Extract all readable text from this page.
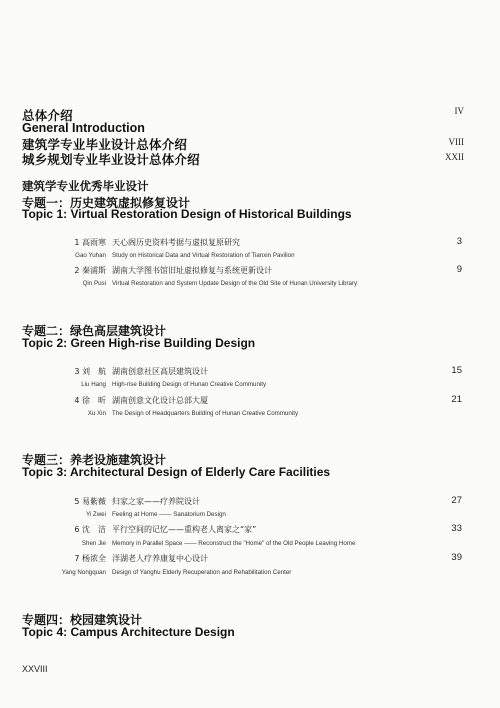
总体介绍	IV
General Introduction
建筑学专业毕业设计总体介绍	VIII
城乡规划专业毕业设计总体介绍	XXII
建筑学专业优秀毕业设计
专题一：历史建筑虚拟修复设计
Topic 1: Virtual Restoration Design of Historical Buildings
1 高雨寒 天心阁历史资料考据与虚拟复原研究	3
Gao Yuhan Study on Historical Data and Virtual Restoration of Tianxin Pavilion
2 秦浦斯 湖南大学图书馆旧址虚拟修复与系统更新设计	9
Qin Pusi Virtual Restoration and System Update Design of the Old Site of Hunan University Library
专题二：绿色高层建筑设计
Topic 2: Green High-rise Building Design
3 刘　航 湖南创意社区高层建筑设计	15
Liu Hang High-rise Building Design of Hunan Creative Community
4 徐　昕 湖南创意文化设计总部大厦	21
Xu Xin The Design of Headquarters Building of Hunan Creative Community
专题三：养老设施建筑设计
Topic 3: Architectural Design of Elderly Care Facilities
5 易紫薇 归家之家——疗养院设计	27
Yi Zwei Feeling at Home —— Sanatorium Design
6 沈　洁 平行空间的记忆——重构老人离家之“家”	33
Shen Jie Memory in Parallel Space —— Reconstruct the "Home" of the Old People Leaving Home
7 杨浓全 洋湖老人疗养康复中心设计	39
Yang Nongquan Design of Yanghu Elderly Recuperation and Rehabilitation Center
专题四：校园建筑设计
Topic 4: Campus Architecture Design
XXVIII
